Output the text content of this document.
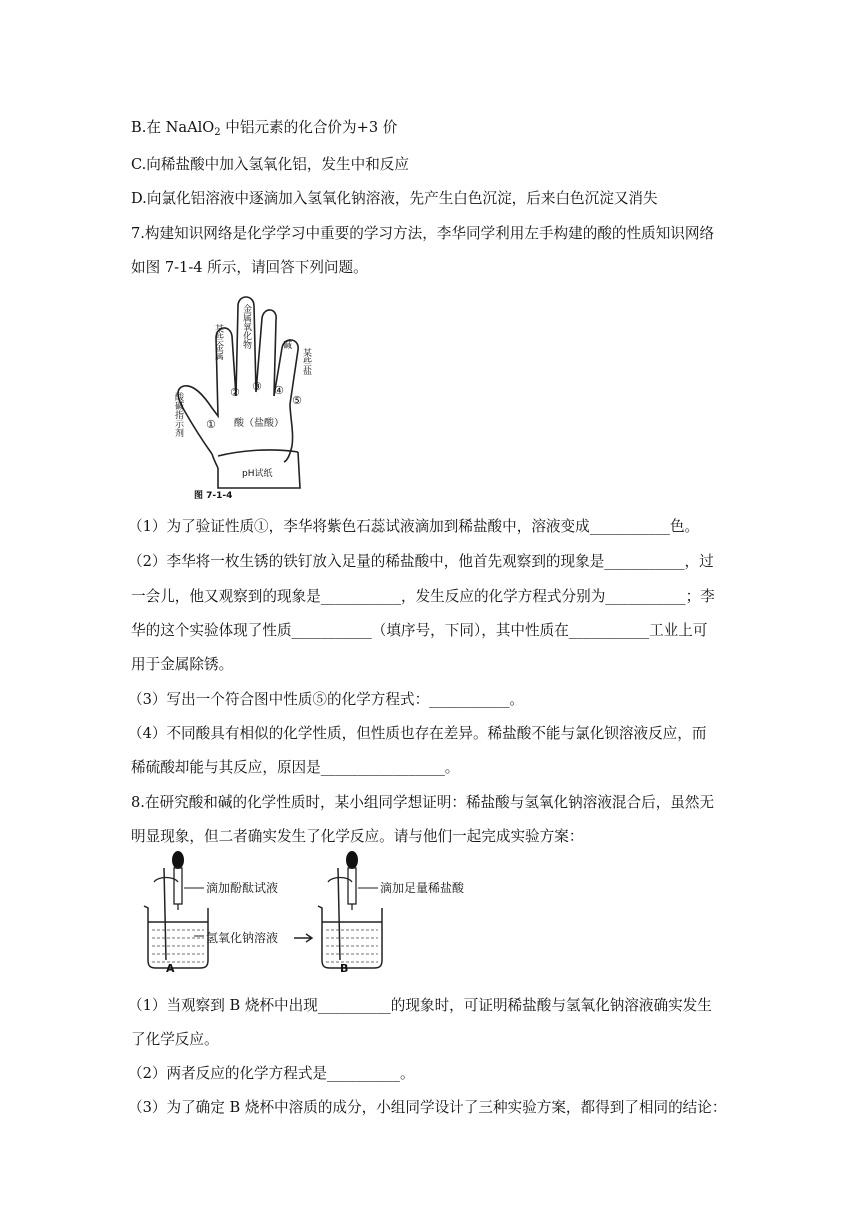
B.在 NaAlO$_2$ 中铝元素的化合价为+3 价
C.向稀盐酸中加入氢氧化铝，发生中和反应
D.向氯化铝溶液中逐滴加入氢氧化钠溶液，先产生白色沉淀，后来白色沉淀又消失
7.构建知识网络是化学学习中重要的学习方法，李华同学利用左手构建的酸的性质知识网络
如图 7-1-4 所示，请回答下列问题。
某些金属 金属氧化物	碱
某些盐
酸碱指示剂 ①
② ③ ④
⑤
酸（盐酸）
pH试纸
图 7-1-4
（1）为了验证性质①，李华将紫色石蕊试液滴加到稀盐酸中，溶液变成___________色。
（2）李华将一枚生锈的铁钉放入足量的稀盐酸中，他首先观察到的现象是___________，过
一会儿，他又观察到的现象是___________，发生反应的化学方程式分别为___________；李
华的这个实验体现了性质___________（填序号，下同），其中性质在___________工业上可
用于金属除锈。
（3）写出一个符合图中性质⑤的化学方程式：___________。
（4）不同酸具有相似的化学性质，但性质也存在差异。稀盐酸不能与氯化钡溶液反应，而
稀硫酸却能与其反应，原因是_________________。
8.在研究酸和碱的化学性质时，某小组同学想证明：稀盐酸与氢氧化钠溶液混合后，虽然无
明显现象，但二者确实发生了化学反应。请与他们一起完成实验方案：
滴加酚酞试液
氢氧化钠溶液
A
滴加足量稀盐酸
B
（1）当观察到 B 烧杯中出现__________的现象时，可证明稀盐酸与氢氧化钠溶液确实发生
了化学反应。
（2）两者反应的化学方程式是__________。
（3）为了确定 B 烧杯中溶质的成分，小组同学设计了三种实验方案，都得到了相同的结论：
